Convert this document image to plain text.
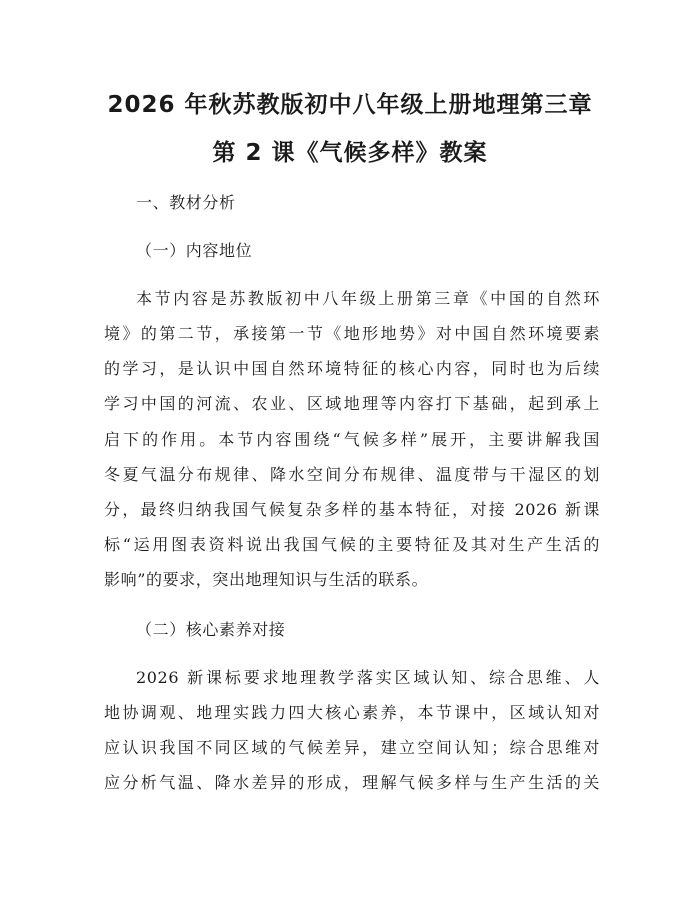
2026 年秋苏教版初中八年级上册地理第三章
第 2 课《气候多样》教案

一、教材分析

（一）内容地位

本节内容是苏教版初中八年级上册第三章《中国的自然环

境》的第二节，承接第一节《地形地势》对中国自然环境要素

的学习，是认识中国自然环境特征的核心内容，同时也为后续

学习中国的河流、农业、区域地理等内容打下基础，起到承上

启下的作用。本节内容围绕“气候多样”展开，主要讲解我国

冬夏气温分布规律、降水空间分布规律、温度带与干湿区的划

分，最终归纳我国气候复杂多样的基本特征，对接 2026 新课

标“运用图表资料说出我国气候的主要特征及其对生产生活的

影响”的要求，突出地理知识与生活的联系。

（二）核心素养对接

2026 新课标要求地理教学落实区域认知、综合思维、人

地协调观、地理实践力四大核心素养，本节课中，区域认知对

应认识我国不同区域的气候差异，建立空间认知；综合思维对

应分析气温、降水差异的形成，理解气候多样与生产生活的关
